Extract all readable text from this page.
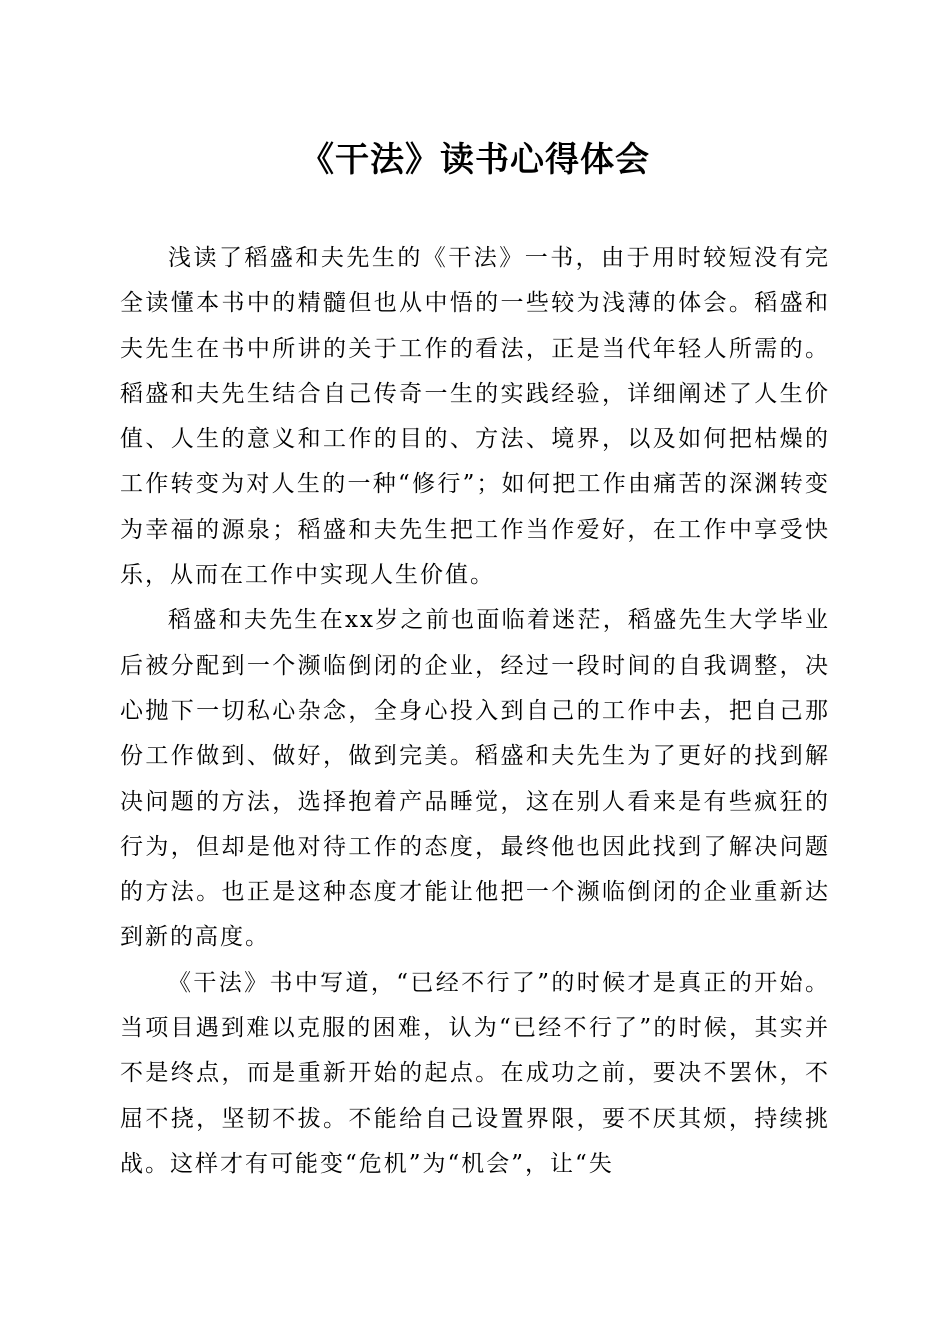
《干法》读书心得体会

浅读了稻盛和夫先生的《干法》一书，由于用时较短没有完全读懂本书中的精髓但也从中悟的一些较为浅薄的体会。稻盛和夫先生在书中所讲的关于工作的看法，正是当代年轻人所需的。稻盛和夫先生结合自己传奇一生的实践经验，详细阐述了人生价值、人生的意义和工作的目的、方法、境界，以及如何把枯燥的工作转变为对人生的一种“修行”；如何把工作由痛苦的深渊转变为幸福的源泉；稻盛和夫先生把工作当作爱好，在工作中享受快乐，从而在工作中实现人生价值。

稻盛和夫先生在xx岁之前也面临着迷茫，稻盛先生大学毕业后被分配到一个濒临倒闭的企业，经过一段时间的自我调整，决心抛下一切私心杂念，全身心投入到自己的工作中去，把自己那份工作做到、做好，做到完美。稻盛和夫先生为了更好的找到解决问题的方法，选择抱着产品睡觉，这在别人看来是有些疯狂的行为，但却是他对待工作的态度，最终他也因此找到了解决问题的方法。也正是这种态度才能让他把一个濒临倒闭的企业重新达到新的高度。

《干法》书中写道，“已经不行了”的时候才是真正的开始。当项目遇到难以克服的困难，认为“已经不行了”的时候，其实并不是终点，而是重新开始的起点。在成功之前，要决不罢休，不屈不挠，坚韧不拔。不能给自己设置界限，要不厌其烦，持续挑战。这样才有可能变“危机”为“机会”，让“失
